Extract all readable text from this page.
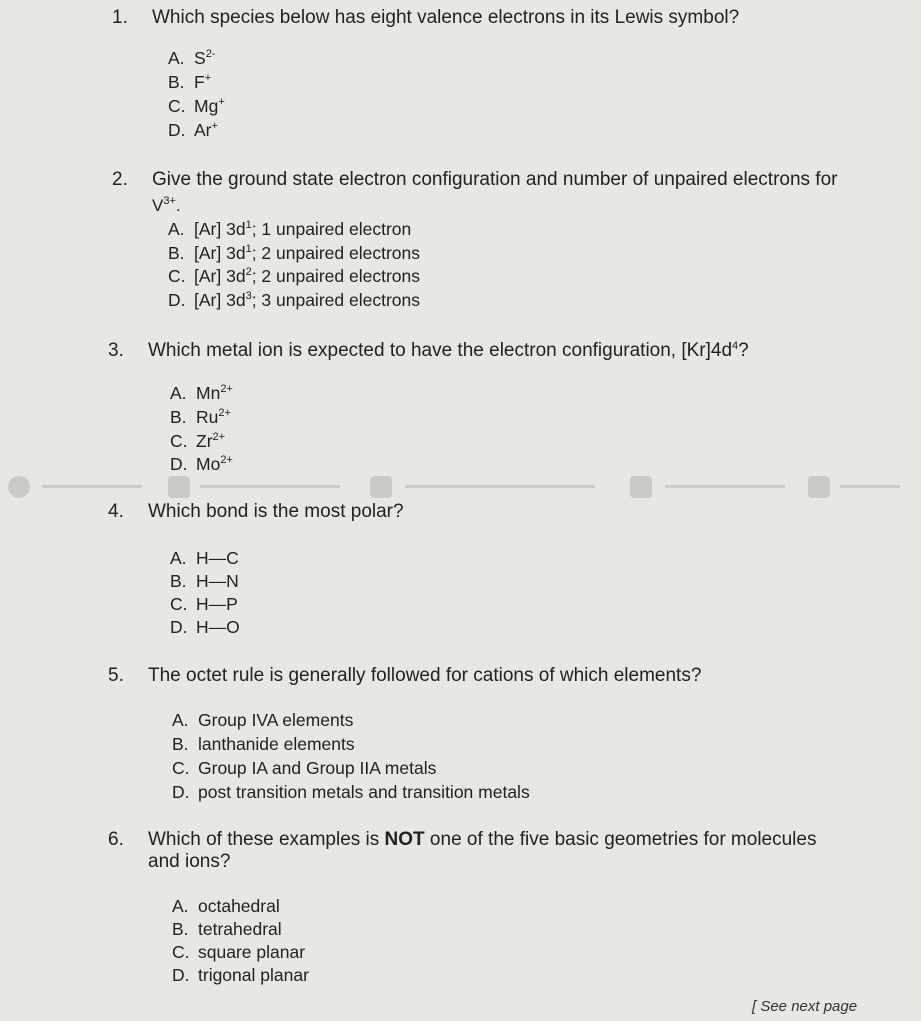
1. Which species below has eight valence electrons in its Lewis symbol?
A. $S^{2-}$
B. F+
C. Mg+
D. Ar+
2. Give the ground state electron configuration and number of unpaired electrons for
$V^{3+}$.
A. [Ar] $3d^1$; 1 unpaired electron
B. [Ar] $3d^1$; 2 unpaired electrons
C. [Ar] $3d^2$; 2 unpaired electrons
D. [Ar] $3d^3$; 3 unpaired electrons
3. Which metal ion is expected to have the electron configuration, $[Kr]4d^4$?
A. $Mn^{2+}$
B. $Ru^{2+}$
C. $Zr^{2+}$
D. $Mo^{2+}$
4. Which bond is the most polar?
A. H—C
B. H—N
C. H—P
D. H—O
5. The octet rule is generally followed for cations of which elements?
A. Group IVA elements
B. lanthanide elements
C. Group IA and Group IIA metals
D. post transition metals and transition metals
6. Which of these examples is NOT one of the five basic geometries for molecules
and ions?
A. octahedral
B. tetrahedral
C. square planar
D. trigonal planar
[ See next page
